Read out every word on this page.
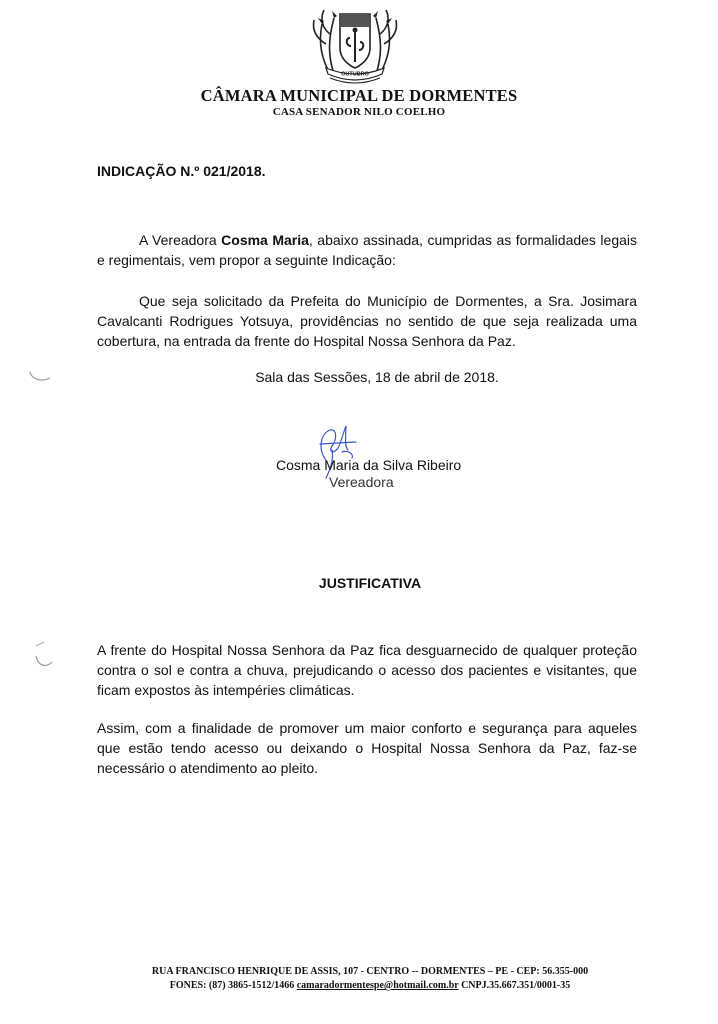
OUTUBRO
CÂMARA MUNICIPAL DE DORMENTES
CASA SENADOR NILO COELHO
INDICAÇÃO N.º 021/2018.
A Vereadora Cosma Maria, abaixo assinada, cumpridas as formalidades legais e regimentais, vem propor a seguinte Indicação:
Que seja solicitado da Prefeita do Município de Dormentes, a Sra. Josimara Cavalcanti Rodrigues Yotsuya, providências no sentido de que seja realizada uma cobertura, na entrada da frente do Hospital Nossa Senhora da Paz.
Sala das Sessões, 18 de abril de 2018.
Cosma Maria da Silva Ribeiro
Vereadora
JUSTIFICATIVA
A frente do Hospital Nossa Senhora da Paz fica desguarnecido de qualquer proteção contra o sol e contra a chuva, prejudicando o acesso dos pacientes e visitantes, que ficam expostos às intempéries climáticas.
Assim, com a finalidade de promover um maior conforto e segurança para aqueles que estão tendo acesso ou deixando o Hospital Nossa Senhora da Paz, faz-se necessário o atendimento ao pleito.
RUA FRANCISCO HENRIQUE DE ASSIS, 107 - CENTRO -- DORMENTES – PE - CEP: 56.355-000
FONES: (87) 3865-1512/1466 camaradormentespe@hotmail.com.br CNPJ.35.667.351/0001-35
